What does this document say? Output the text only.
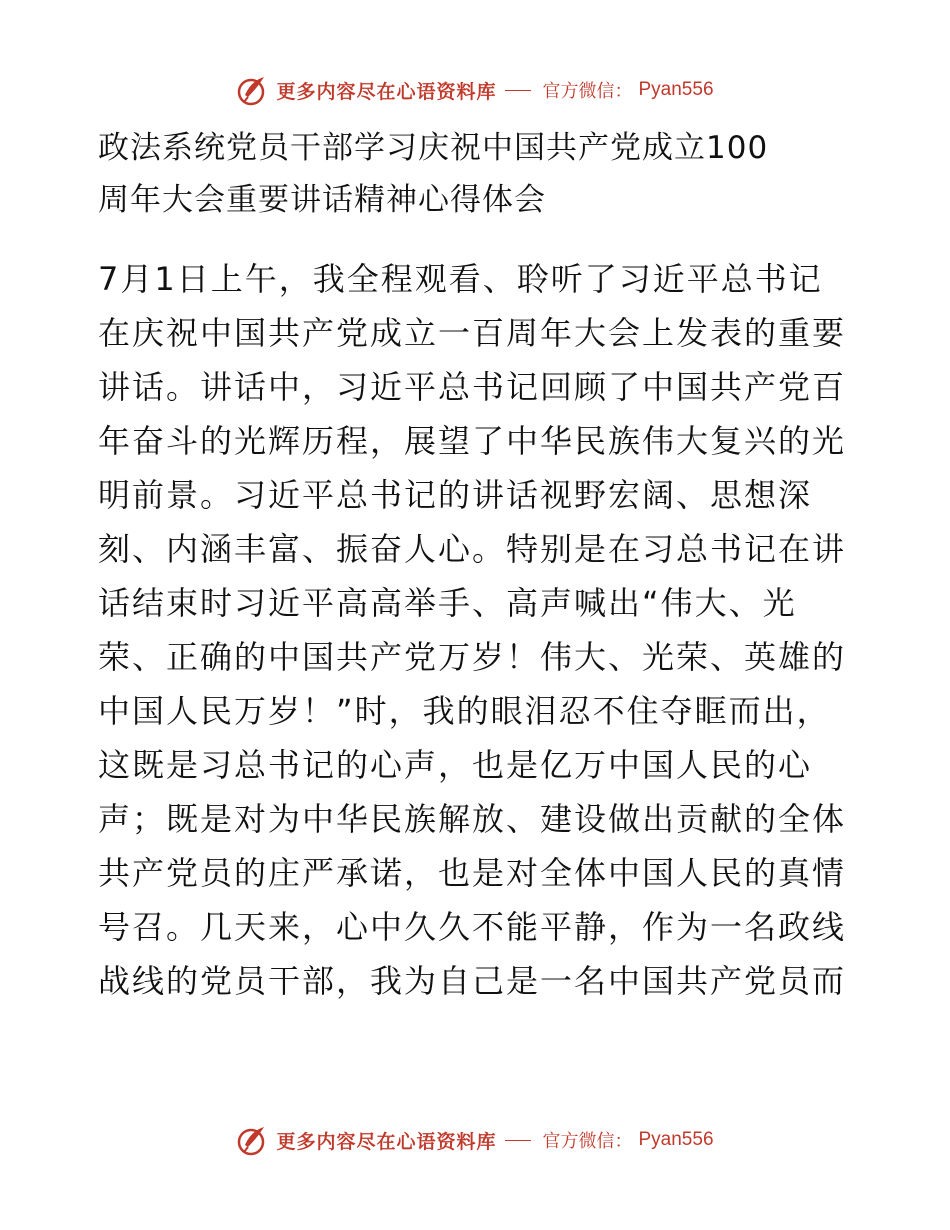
更多内容尽在心语资料库	官方微信： Pyan556
政法系统党员干部学习庆祝中国共产党成立100
周年大会重要讲话精神心得体会
7月1日上午，我全程观看、聆听了习近平总书记
在庆祝中国共产党成立一百周年大会上发表的重要
讲话。讲话中，习近平总书记回顾了中国共产党百
年奋斗的光辉历程，展望了中华民族伟大复兴的光
明前景。习近平总书记的讲话视野宏阔、思想深
刻、内涵丰富、振奋人心。特别是在习总书记在讲
话结束时习近平高高举手、高声喊出“伟大、光
荣、正确的中国共产党万岁！伟大、光荣、英雄的
中国人民万岁！”时，我的眼泪忍不住夺眶而出，
这既是习总书记的心声，也是亿万中国人民的心
声；既是对为中华民族解放、建设做出贡献的全体
共产党员的庄严承诺，也是对全体中国人民的真情
号召。几天来，心中久久不能平静，作为一名政线
战线的党员干部，我为自己是一名中国共产党员而
更多内容尽在心语资料库	官方微信： Pyan556
